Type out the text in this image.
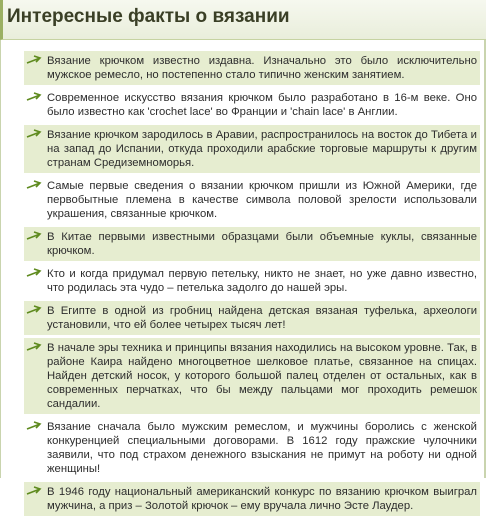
Интересные факты о вязании
Вязание крючком известно издавна. Изначально это было исключительно мужское ремесло, но постепенно стало типично женским занятием.
Современное искусство вязания крючком было разработано в 16-м веке. Оно было известно как 'crochet lace' во Франции и 'chain lace' в Англии.
Вязание крючком зародилось в Аравии, распространилось на восток до Тибета и на запад до Испании, откуда проходили арабские торговые маршруты к другим странам Средиземноморья.
Самые первые сведения о вязании крючком пришли из Южной Америки, где первобытные племена в качестве символа половой зрелости использовали украшения, связанные крючком.
В Китае первыми известными образцами были объемные куклы, связанные крючком.
Кто и когда придумал первую петельку, никто не знает, но уже давно известно, что родилась эта чудо – петелька задолго до нашей эры.
В Египте в одной из гробниц найдена детская вязаная туфелька, археологи установили, что ей более четырех тысяч лет!
В начале эры техника и принципы вязания находились на высоком уровне. Так, в районе Каира найдено многоцветное шелковое платье, связанное на спицах. Найден детский носок, у которого большой палец отделен от остальных, как в современных перчатках, что бы между пальцами мог проходить ремешок сандалии.
Вязание сначала было мужским ремеслом, и мужчины боролись с женской конкуренцией специальными договорами. В 1612 году пражские чулочники заявили, что под страхом денежного взыскания не примут на роботу ни одной женщины!
В 1946 году национальный американский конкурс по вязанию крючком выиграл мужчина, а приз – Золотой крючок – ему вручала лично Эсте Лаудер.
